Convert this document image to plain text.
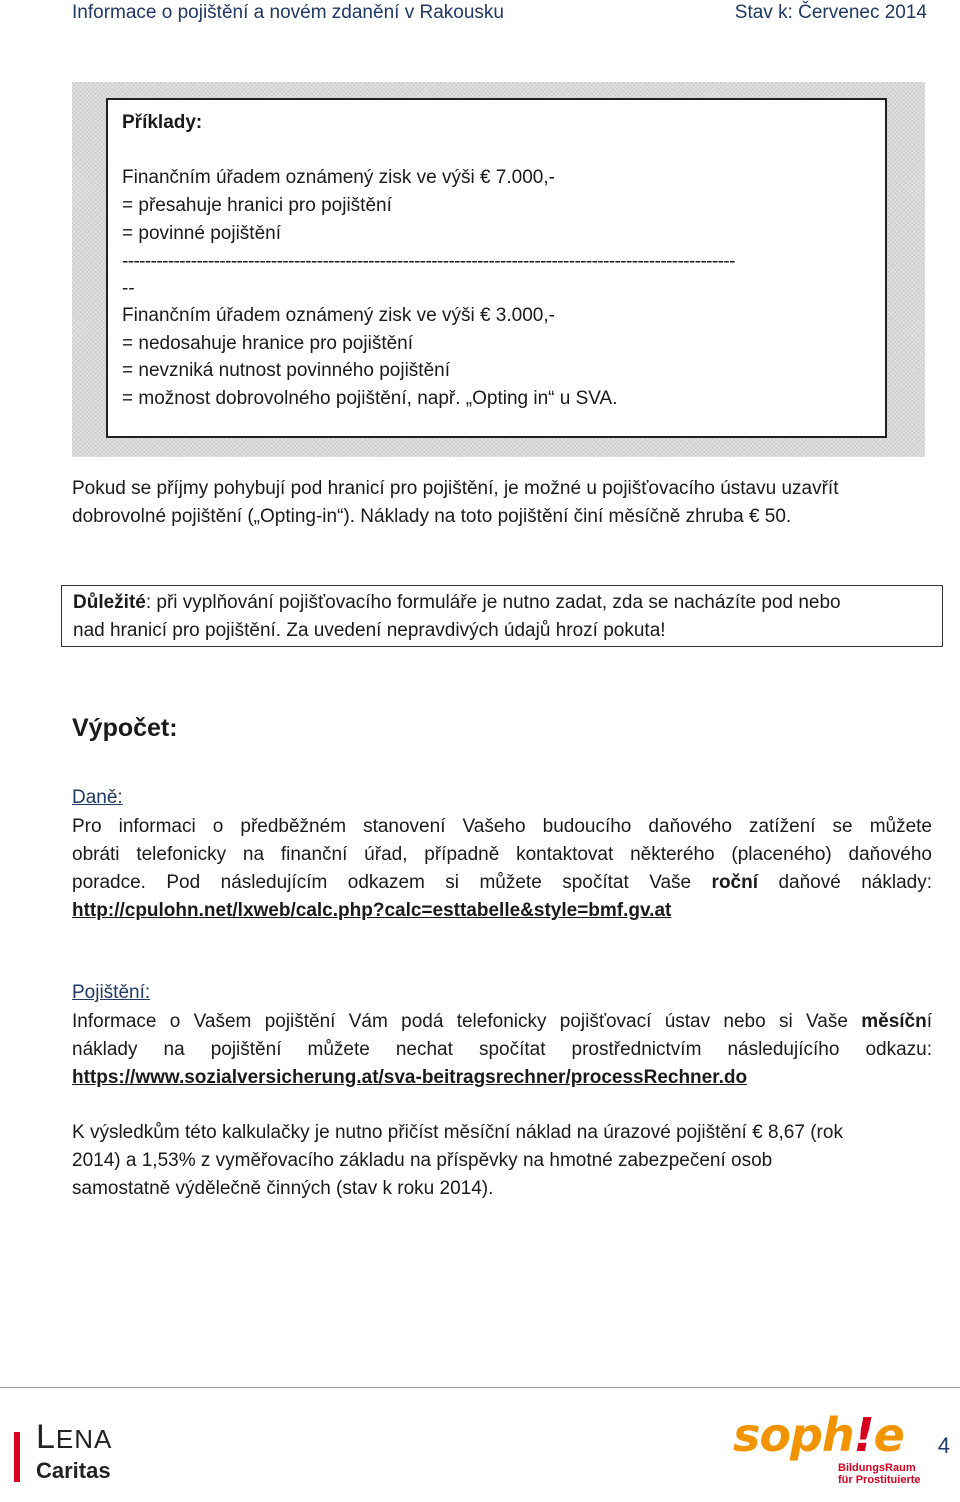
Informace o pojištění a novém zdanění v Rakousku	Stav k: Červenec 2014
Příklady:
Finančním úřadem oznámený zisk ve výši € 7.000,-
= přesahuje hranici pro pojištění
= povinné pojištění
-----------------------------------------------------------------------------------------------------------
--
Finančním úřadem oznámený zisk ve výši € 3.000,-
= nedosahuje hranice pro pojištění
= nevzniká nutnost povinného pojištění
= možnost dobrovolného pojištění, např. „Opting in“ u SVA.
Pokud se příjmy pohybují pod hranicí pro pojištění, je možné u pojišťovacího ústavu uzavřít
dobrovolné pojištění („Opting-in“). Náklady na toto pojištění činí měsíčně zhruba € 50.
Důležité: při vyplňování pojišťovacího formuláře je nutno zadat, zda se nacházíte pod nebo
nad hranicí pro pojištění. Za uvedení nepravdivých údajů hrozí pokuta!
Výpočet:
Daně:
Pro informaci o předběžném stanovení Vašeho budoucího daňového zatížení se můžete
obráti telefonicky na finanční úřad, případně kontaktovat některého (placeného) daňového
poradce. Pod následujícím odkazem si můžete spočítat Vaše roční daňové náklady:
http://cpulohn.net/lxweb/calc.php?calc=esttabelle&style=bmf.gv.at
Pojištění:
Informace o Vašem pojištění Vám podá telefonicky pojišťovací ústav nebo si Vaše měsíční
náklady na pojištění můžete nechat spočítat prostřednictvím následujícího odkazu:
https://www.sozialversicherung.at/sva-beitragsrechner/processRechner.do
K výsledkům této kalkulačky je nutno přičíst měsíční náklad na úrazové pojištění € 8,67 (rok
2014) a 1,53% z vyměřovacího základu na příspěvky na hmotné zabezpečení osob
samostatně výdělečně činných (stav k roku 2014).
LENA
Caritas
soph!e
BildungsRaum
für Prostituierte
4
